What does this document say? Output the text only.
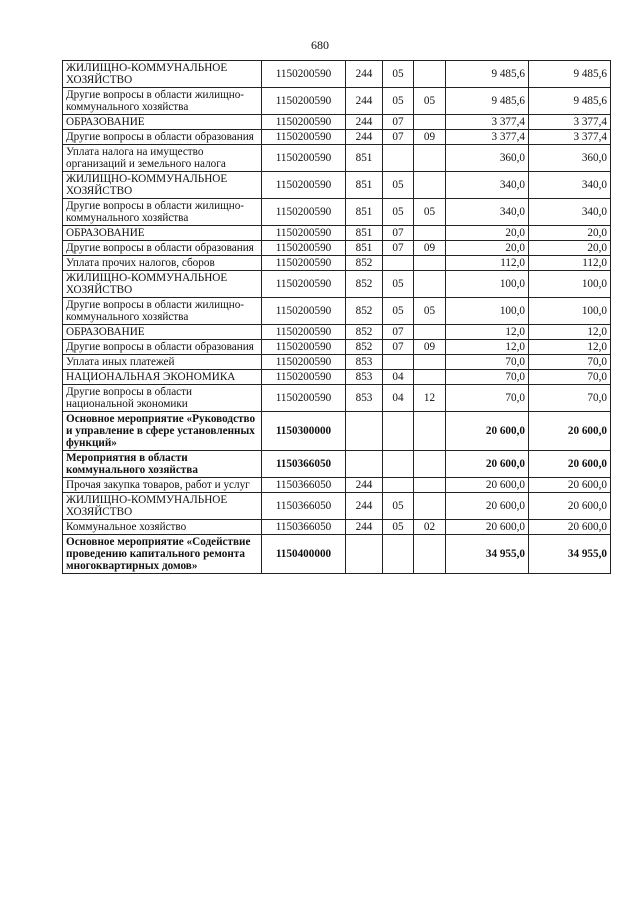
680
ЖИЛИЩНО-КОММУНАЛЬНОЕ ХОЗЯЙСТВО	1150200590	244	05		9 485,6	9 485,6
Другие вопросы в области жилищно-коммунального хозяйства	1150200590	244	05	05	9 485,6	9 485,6
ОБРАЗОВАНИЕ	1150200590	244	07		3 377,4	3 377,4
Другие вопросы в области образования	1150200590	244	07	09	3 377,4	3 377,4
Уплата налога на имущество организаций и земельного налога	1150200590	851			360,0	360,0
ЖИЛИЩНО-КОММУНАЛЬНОЕ ХОЗЯЙСТВО	1150200590	851	05		340,0	340,0
Другие вопросы в области жилищно-коммунального хозяйства	1150200590	851	05	05	340,0	340,0
ОБРАЗОВАНИЕ	1150200590	851	07		20,0	20,0
Другие вопросы в области образования	1150200590	851	07	09	20,0	20,0
Уплата прочих налогов, сборов	1150200590	852			112,0	112,0
ЖИЛИЩНО-КОММУНАЛЬНОЕ ХОЗЯЙСТВО	1150200590	852	05		100,0	100,0
Другие вопросы в области жилищно-коммунального хозяйства	1150200590	852	05	05	100,0	100,0
ОБРАЗОВАНИЕ	1150200590	852	07		12,0	12,0
Другие вопросы в области образования	1150200590	852	07	09	12,0	12,0
Уплата иных платежей	1150200590	853			70,0	70,0
НАЦИОНАЛЬНАЯ ЭКОНОМИКА	1150200590	853	04		70,0	70,0
Другие вопросы в области национальной экономики	1150200590	853	04	12	70,0	70,0
Основное мероприятие «Руководство и управление в сфере установленных функций»	1150300000				20 600,0	20 600,0
Мероприятия в области коммунального хозяйства	1150366050				20 600,0	20 600,0
Прочая закупка товаров, работ и услуг	1150366050	244			20 600,0	20 600,0
ЖИЛИЩНО-КОММУНАЛЬНОЕ ХОЗЯЙСТВО	1150366050	244	05		20 600,0	20 600,0
Коммунальное хозяйство	1150366050	244	05	02	20 600,0	20 600,0
Основное мероприятие «Содействие проведению капитального ремонта многоквартирных домов»	1150400000				34 955,0	34 955,0
